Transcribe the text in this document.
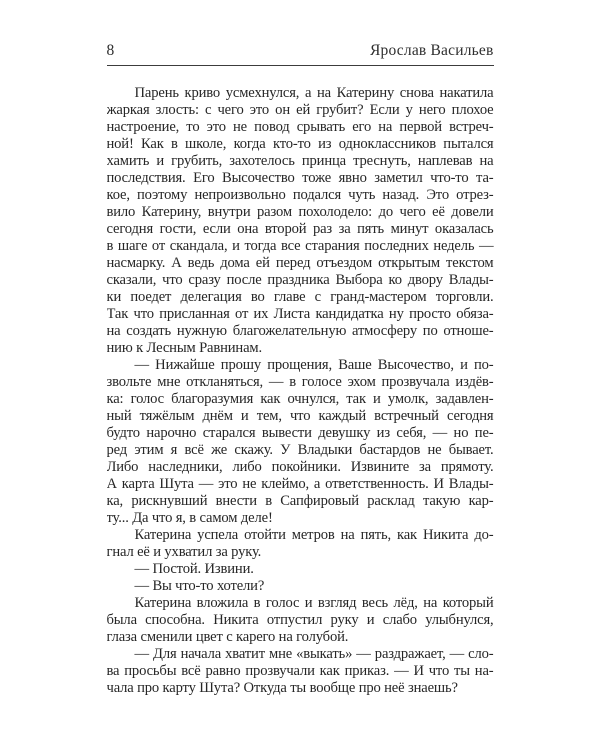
8	Ярослав Васильев
Парень криво усмехнулся, а на Катерину снова накатила
жаркая злость: с чего это он ей грубит? Если у него плохое
настроение, то это не повод срывать его на первой встреч-
ной! Как в школе, когда кто-то из одноклассников пытался
хамить и грубить, захотелось принца треснуть, наплевав на
последствия. Его Высочество тоже явно заметил что-то та-
кое, поэтому непроизвольно подался чуть назад. Это отрез-
вило Катерину, внутри разом похолодело: до чего её довели
сегодня гости, если она второй раз за пять минут оказалась
в шаге от скандала, и тогда все старания последних недель —
насмарку. А ведь дома ей перед отъездом открытым текстом
сказали, что сразу после праздника Выбора ко двору Влады-
ки поедет делегация во главе с гранд-мастером торговли.
Так что присланная от их Листа кандидатка ну просто обяза-
на создать нужную благожелательную атмосферу по отноше-
нию к Лесным Равнинам.
— Нижайше прошу прощения, Ваше Высочество, и по-
звольте мне откланяться, — в голосе эхом прозвучала издёв-
ка: голос благоразумия как очнулся, так и умолк, задавлен-
ный тяжёлым днём и тем, что каждый встречный сегодня
будто нарочно старался вывести девушку из себя, — но пе-
ред этим я всё же скажу. У Владыки бастардов не бывает.
Либо наследники, либо покойники. Извините за прямоту.
А карта Шута — это не клеймо, а ответственность. И Влады-
ка, рискнувший внести в Сапфировый расклад такую кар-
ту... Да что я, в самом деле!
Катерина успела отойти метров на пять, как Никита до-
гнал её и ухватил за руку.
— Постой. Извини.
— Вы что-то хотели?
Катерина вложила в голос и взгляд весь лёд, на который
была способна. Никита отпустил руку и слабо улыбнулся,
глаза сменили цвет с карего на голубой.
— Для начала хватит мне «выкать» — раздражает, — сло-
ва просьбы всё равно прозвучали как приказ. — И что ты на-
чала про карту Шута? Откуда ты вообще про неё знаешь?
